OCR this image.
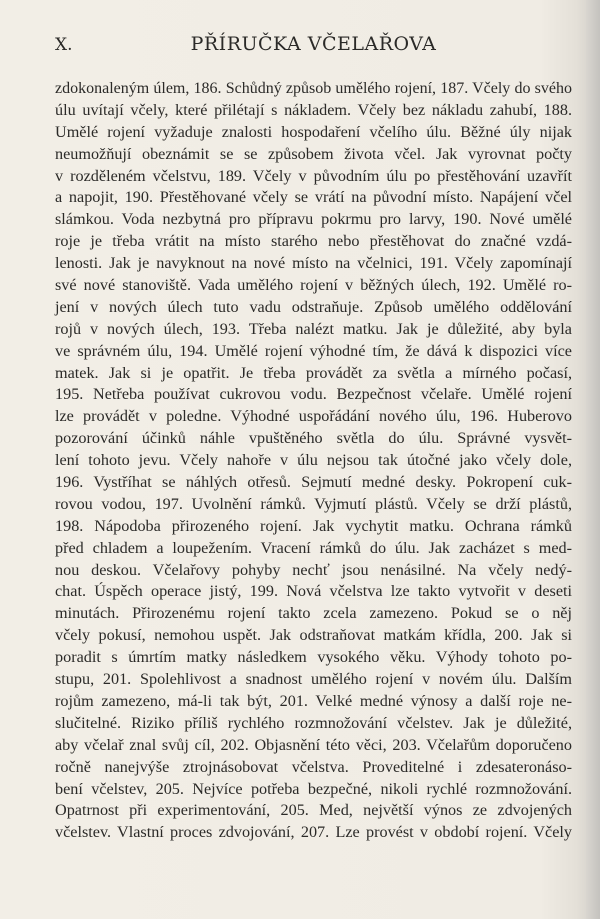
X.	PŘÍRUČKA VČELAŘOVA
zdokonaleným úlem, 186. Schůdný způsob umělého rojení, 187. Včely do svého
úlu uvítají včely, které přilétají s nákladem. Včely bez nákladu zahubí, 188.
Umělé rojení vyžaduje znalosti hospodaření včelího úlu. Běžné úly nijak
neumožňují obeznámit se se způsobem života včel. Jak vyrovnat počty
v rozděleném včelstvu, 189. Včely v původním úlu po přestěhování uzavřít
a napojit, 190. Přestěhované včely se vrátí na původní místo. Napájení včel
slámkou. Voda nezbytná pro přípravu pokrmu pro larvy, 190. Nové umělé
roje je třeba vrátit na místo starého nebo přestěhovat do značné vzdá-
lenosti. Jak je navyknout na nové místo na včelnici, 191. Včely zapomínají
své nové stanoviště. Vada umělého rojení v běžných úlech, 192. Umělé ro-
jení v nových úlech tuto vadu odstraňuje. Způsob umělého oddělování
rojů v nových úlech, 193. Třeba nalézt matku. Jak je důležité, aby byla
ve správném úlu, 194. Umělé rojení výhodné tím, že dává k dispozici více
matek. Jak si je opatřit. Je třeba provádět za světla a mírného počasí,
195. Netřeba používat cukrovou vodu. Bezpečnost včelaře. Umělé rojení
lze provádět v poledne. Výhodné uspořádání nového úlu, 196. Huberovo
pozorování účinků náhle vpuštěného světla do úlu. Správné vysvět-
lení tohoto jevu. Včely nahoře v úlu nejsou tak útočné jako včely dole,
196. Vystříhat se náhlých otřesů. Sejmutí medné desky. Pokropení cuk-
rovou vodou, 197. Uvolnění rámků. Vyjmutí plástů. Včely se drží plástů,
198. Nápodoba přirozeného rojení. Jak vychytit matku. Ochrana rámků
před chladem a loupežením. Vracení rámků do úlu. Jak zacházet s med-
nou deskou. Včelařovy pohyby nechť jsou nenásilné. Na včely nedý-
chat. Úspěch operace jistý, 199. Nová včelstva lze takto vytvořit v deseti
minutách. Přirozenému rojení takto zcela zamezeno. Pokud se o něj
včely pokusí, nemohou uspět. Jak odstraňovat matkám křídla, 200. Jak si
poradit s úmrtím matky následkem vysokého věku. Výhody tohoto po-
stupu, 201. Spolehlivost a snadnost umělého rojení v novém úlu. Dalším
rojům zamezeno, má-li tak být, 201. Velké medné výnosy a další roje ne-
slučitelné. Riziko příliš rychlého rozmnožování včelstev. Jak je důležité,
aby včelař znal svůj cíl, 202. Objasnění této věci, 203. Včelařům doporučeno
ročně nanejvýše ztrojnásobovat včelstva. Proveditelné i zdesateronáso-
bení včelstev, 205. Nejvíce potřeba bezpečné, nikoli rychlé rozmnožování.
Opatrnost při experimentování, 205. Med, největší výnos ze zdvojených
včelstev. Vlastní proces zdvojování, 207. Lze provést v období rojení. Včely
